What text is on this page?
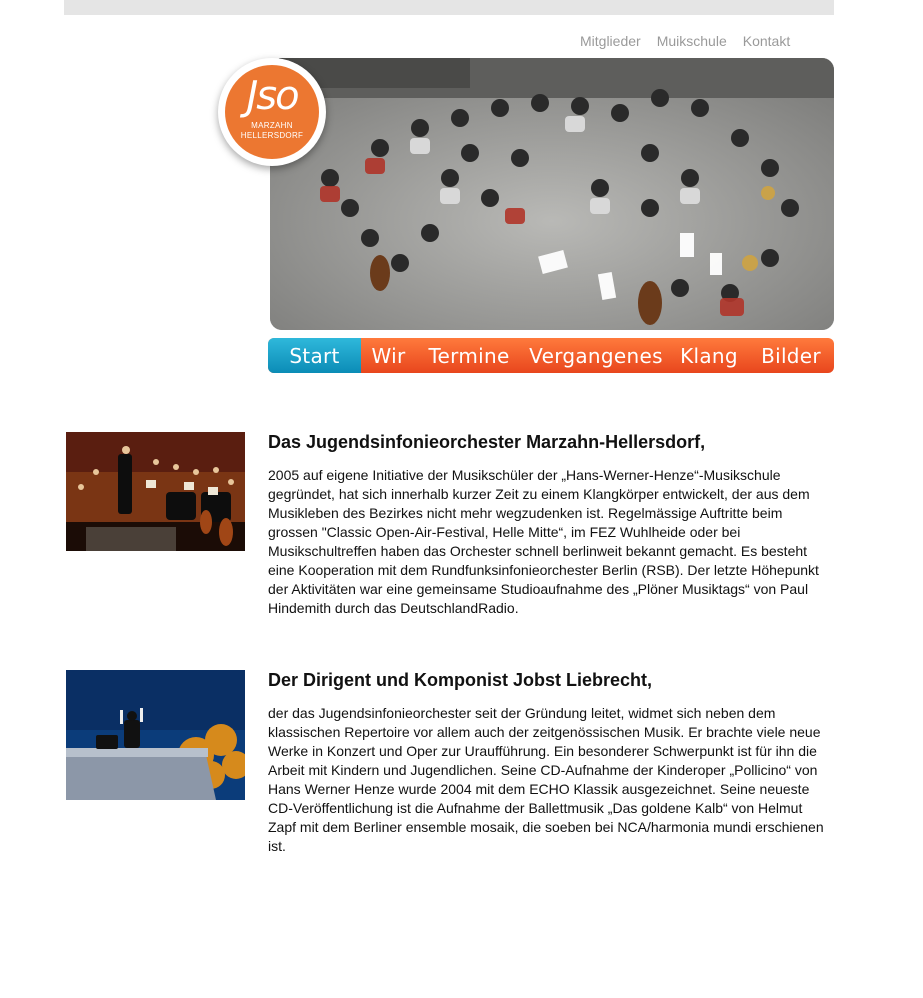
Mitglieder Muikschule Kontakt
Jso
MARZAHN
HELLERSDORF
Start	Wir	Termine Vergangenes Klang	Bilder
Das Jugendsinfonieorchester Marzahn-Hellersdorf,

2005 auf eigene Initiative der Musikschüler der „Hans-Werner-Henze“-Musikschule gegründet, hat sich innerhalb kurzer Zeit zu einem Klangkörper entwickelt, der aus dem Musikleben des Bezirkes nicht mehr wegzudenken ist. Regelmässige Auftritte beim grossen "Classic Open-Air-Festival, Helle Mitte“, im FEZ Wuhlheide oder bei Musikschultreffen haben das Orchester schnell berlinweit bekannt gemacht. Es besteht eine Kooperation mit dem Rundfunksinfonieorchester Berlin (RSB). Der letzte Höhepunkt der Aktivitäten war eine gemeinsame Studioaufnahme des „Plöner Musiktags“ von Paul Hindemith durch das DeutschlandRadio.

Der Dirigent und Komponist Jobst Liebrecht,

der das Jugendsinfonieorchester seit der Gründung leitet, widmet sich neben dem klassischen Repertoire vor allem auch der zeitgenössischen Musik. Er brachte viele neue Werke in Konzert und Oper zur Uraufführung. Ein besonderer Schwerpunkt ist für ihn die Arbeit mit Kindern und Jugendlichen. Seine CD-Aufnahme der Kinderoper „Pollicino“ von Hans Werner Henze wurde 2004 mit dem ECHO Klassik ausgezeichnet. Seine neueste CD-Veröffentlichung ist die Aufnahme der Ballettmusik „Das goldene Kalb“ von Helmut Zapf mit dem Berliner ensemble mosaik, die soeben bei NCA/harmonia mundi erschienen ist.
